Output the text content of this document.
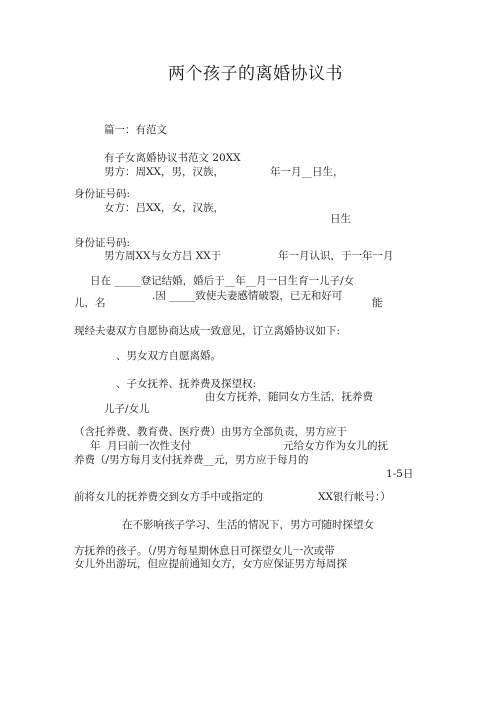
两个孩子的离婚协议书
篇一：有范文
有子女离婚协议书范文 20XX
男方：周XX，男，汉族，	年一月__日生，
身份证号码:
女方：吕XX，女，汉族，
日生
身份证号码:
男方周XX与女方吕 XX于	年一月认识，于一年一月
日在 _____登记结婚，婚后于__年__月一日生育一儿子/女
.因 _____致使夫妻感情破裂，已无和好可
儿，名	能
现经夫妻双方自愿协商达成一致意见，订立离婚协议如下:
、男女双方自愿离婚。
、子女抚养、抚养费及探望权:
由女方抚养，随同女方生活，抚养费
儿子/女儿
（含托养费、教育费、医疗费）由男方全部负责，男方应于
年  月曰前一次性支付	元给女方作为女儿的抚
养费（/男方每月支付抚养费__元，男方应于每月的
1-5日
前将女儿的抚养费交到女方手中或指定的	XX银行帐号：）
在不影响孩子学习、生活的情况下，男方可随时探望女
方抚养的孩子。（/男方每星期休息日可探望女儿一次或带
女儿外出游玩，但应提前通知女方，女方应保证男方每周探
